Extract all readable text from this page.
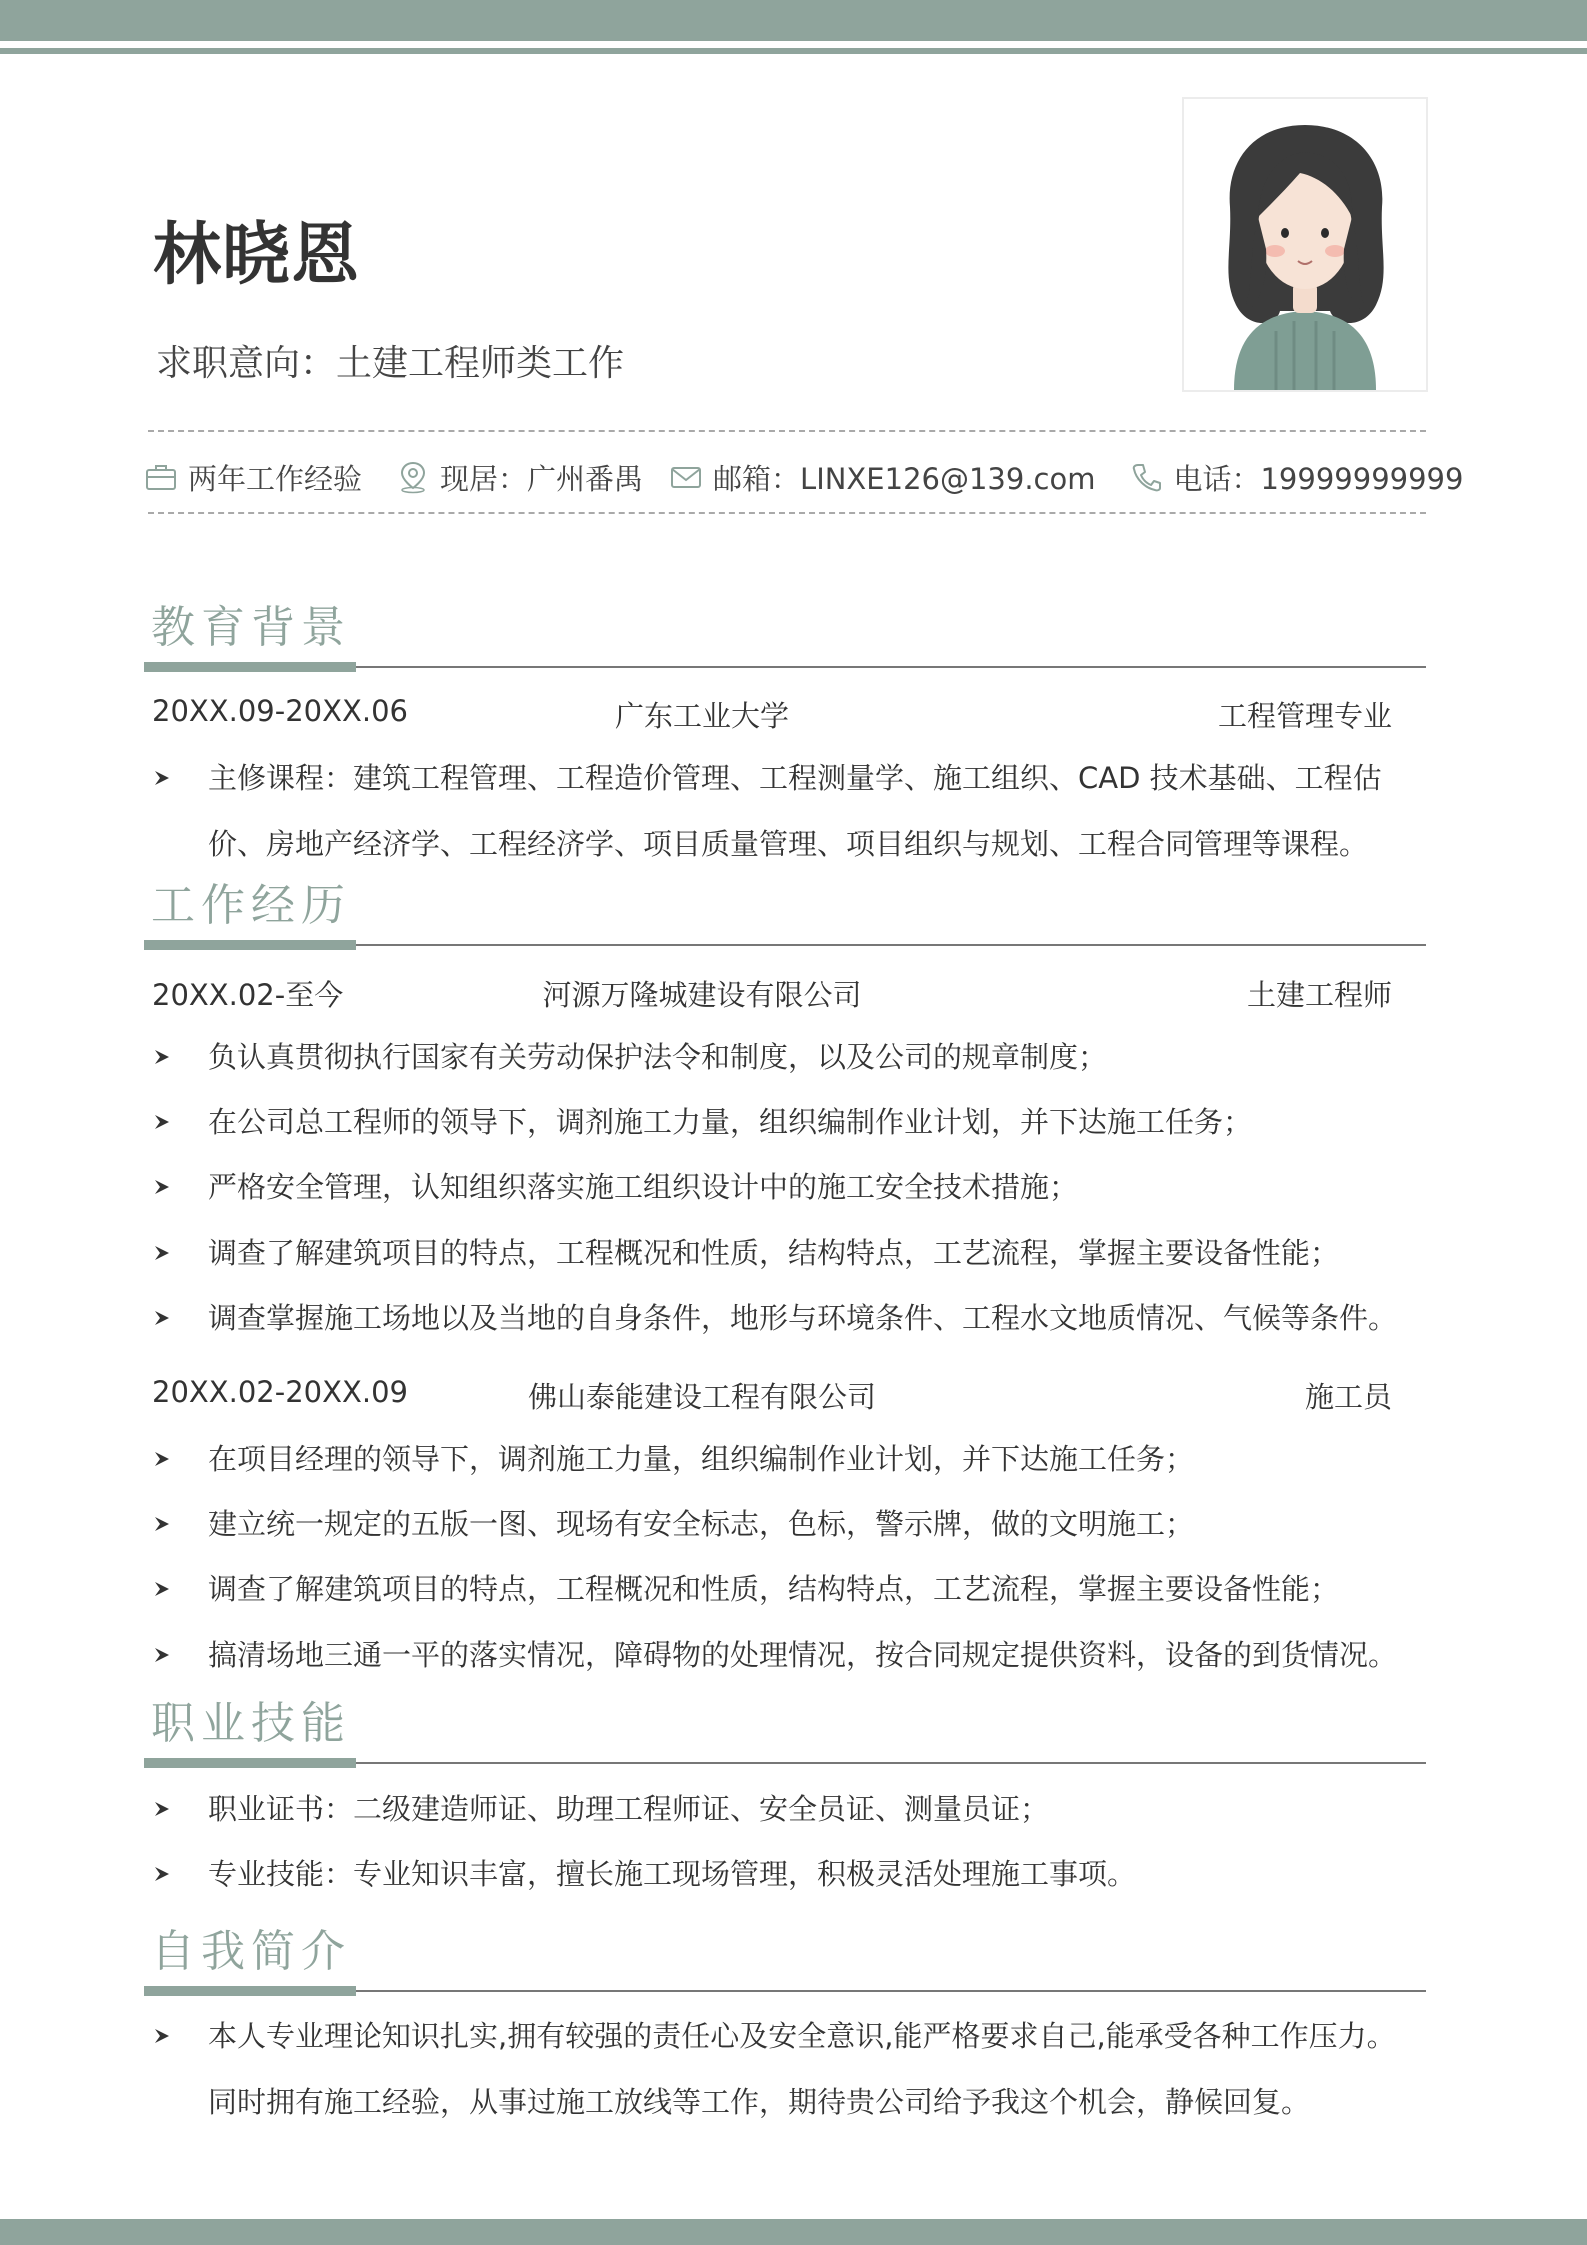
林晓恩
求职意向：土建工程师类工作
两年工作经验	现居：广州番禺 邮箱：LINXE126@139.com	电话：19999999999
教育背景
20XX.09-20XX.06	广东工业大学	工程管理专业
主修课程：建筑工程管理、工程造价管理、工程测量学、施工组织、CAD 技术基础、工程估价、房地产经济学、工程经济学、项目质量管理、项目组织与规划、工程合同管理等课程。
工作经历
20XX.02-至今	河源万隆城建设有限公司	土建工程师
负认真贯彻执行国家有关劳动保护法令和制度，以及公司的规章制度；
在公司总工程师的领导下，调剂施工力量，组织编制作业计划，并下达施工任务；
严格安全管理，认知组织落实施工组织设计中的施工安全技术措施；
调查了解建筑项目的特点，工程概况和性质，结构特点，工艺流程，掌握主要设备性能；
调查掌握施工场地以及当地的自身条件，地形与环境条件、工程水文地质情况、气候等条件。
20XX.02-20XX.09	佛山泰能建设工程有限公司	施工员
在项目经理的领导下，调剂施工力量，组织编制作业计划，并下达施工任务；
建立统一规定的五版一图、现场有安全标志，色标，警示牌，做的文明施工；
调查了解建筑项目的特点，工程概况和性质，结构特点，工艺流程，掌握主要设备性能；
搞清场地三通一平的落实情况，障碍物的处理情况，按合同规定提供资料，设备的到货情况。
职业技能
职业证书：二级建造师证、助理工程师证、安全员证、测量员证；
专业技能：专业知识丰富，擅长施工现场管理，积极灵活处理施工事项。
自我简介
本人专业理论知识扎实,拥有较强的责任心及安全意识,能严格要求自己,能承受各种工作压力。同时拥有施工经验，从事过施工放线等工作，期待贵公司给予我这个机会，静候回复。
